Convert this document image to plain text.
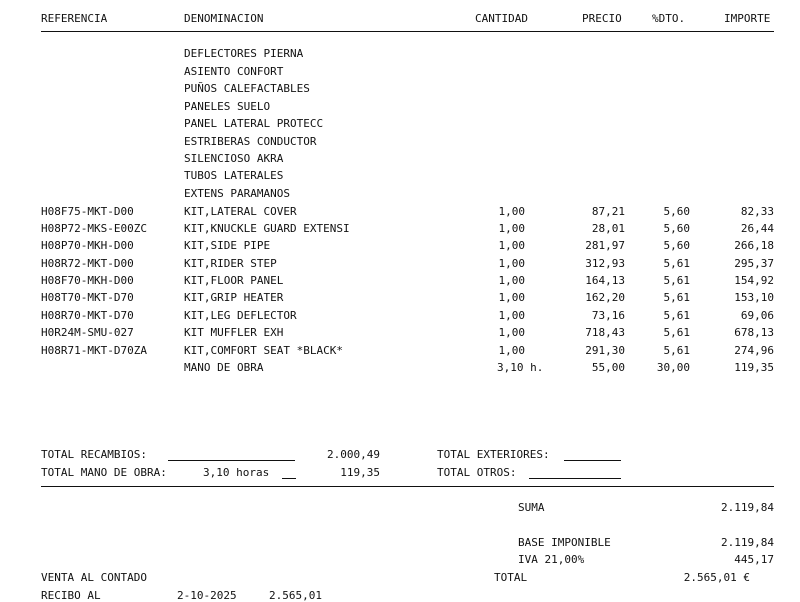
REFERENCIA	DENOMINACION	CANTIDAD	PRECIO	%DTO.	IMPORTE
DEFLECTORES PIERNA
ASIENTO CONFORT
PUÑOS CALEFACTABLES
PANELES SUELO
PANEL LATERAL PROTECC
ESTRIBERAS CONDUCTOR
SILENCIOSO AKRA
TUBOS LATERALES
EXTENS PARAMANOS
H08F75-MKT-D00	KIT,LATERAL COVER	1,00	87,21	5,60	82,33
H08P72-MKS-E00ZC	KIT,KNUCKLE GUARD EXTENSI	1,00	28,01	5,60	26,44
H08P70-MKH-D00	KIT,SIDE PIPE	1,00	281,97	5,60	266,18
H08R72-MKT-D00	KIT,RIDER STEP	1,00	312,93	5,61	295,37
H08F70-MKH-D00	KIT,FLOOR PANEL	1,00	164,13	5,61	154,92
H08T70-MKT-D70	KIT,GRIP HEATER	1,00	162,20	5,61	153,10
H08R70-MKT-D70	KIT,LEG DEFLECTOR	1,00	73,16	5,61	69,06
H0R24M-SMU-027	KIT MUFFLER EXH	1,00	718,43	5,61	678,13
H08R71-MKT-D70ZA	KIT,COMFORT SEAT *BLACK*	1,00	291,30	5,61	274,96
MANO DE OBRA	3,10 h.	55,00	30,00	119,35
TOTAL RECAMBIOS:	2.000,49	TOTAL EXTERIORES:
TOTAL MANO DE OBRA:	3,10 horas	119,35	TOTAL OTROS:
SUMA	2.119,84
BASE IMPONIBLE	2.119,84
IVA 21,00%	445,17
TOTAL	2.565,01 €
VENTA AL CONTADO
RECIBO AL	2-10-2025	2.565,01
